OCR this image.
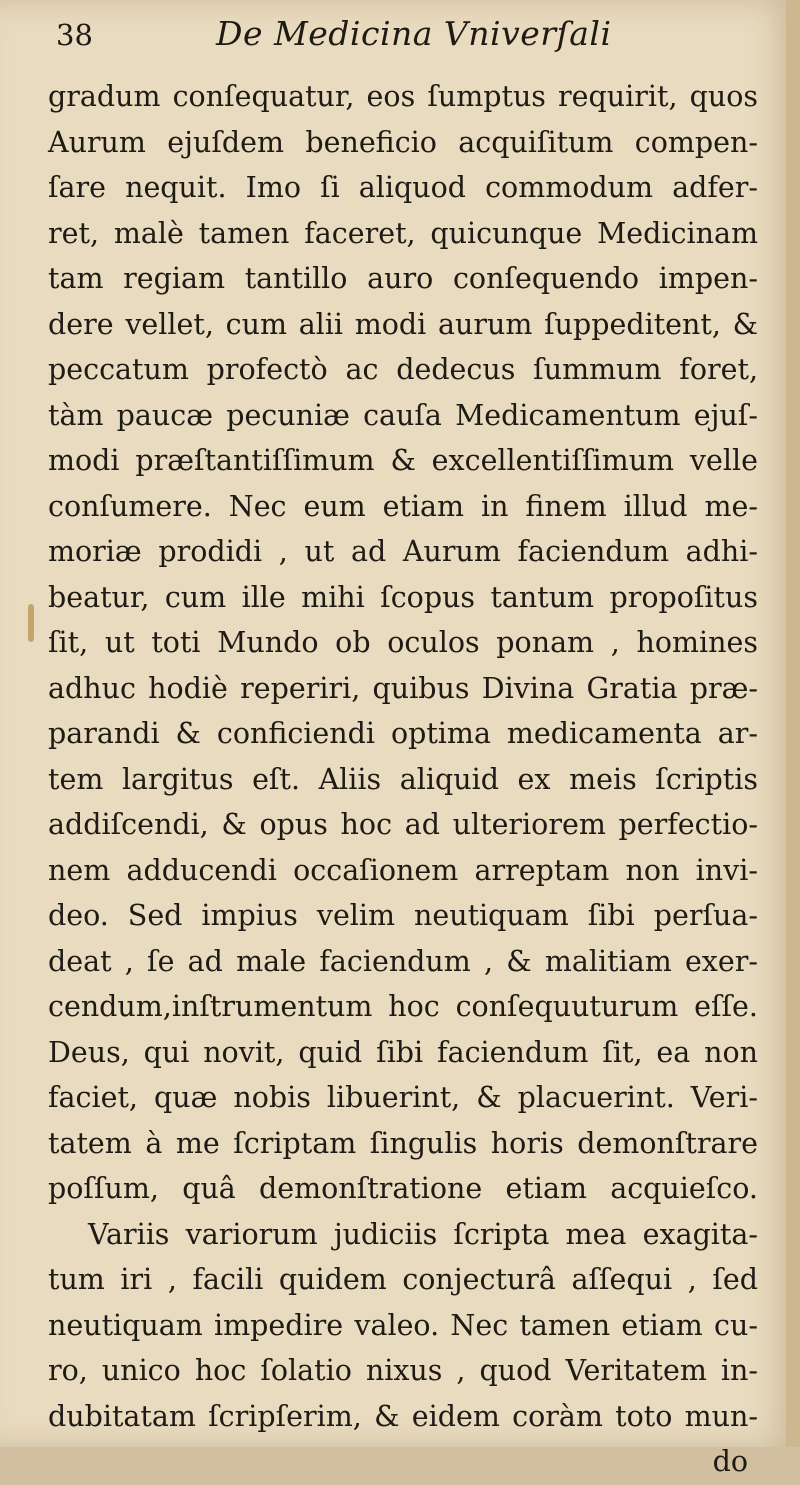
38	De Medicina Vniverſali
gradum conſequatur, eos ſumptus requirit, quos
Aurum ejuſdem beneficio acquiſitum compen-
ſare nequit. Imo ſi aliquod commodum adfer-
ret, malè tamen faceret, quicunque Medicinam
tam regiam tantillo auro conſequendo impen-
dere vellet, cum alii modi aurum ſuppeditent, &
peccatum profectò ac dedecus ſummum foret,
tàm paucæ pecuniæ cauſa Medicamentum ejuſ-
modi præſtantiſſimum & excellentiſſimum velle
conſumere. Nec eum etiam in finem illud me-
moriæ prodidi , ut ad Aurum faciendum adhi-
beatur, cum ille mihi ſcopus tantum propoſitus
ſit, ut toti Mundo ob oculos ponam , homines
adhuc hodiè reperiri, quibus Divina Gratia præ-
parandi & conficiendi optima medicamenta ar-
tem largitus eſt. Aliis aliquid ex meis ſcriptis
addiſcendi, & opus hoc ad ulteriorem perfectio-
nem adducendi occaſionem arreptam non invi-
deo. Sed impius velim neutiquam ſibi perſua-
deat , ſe ad male faciendum , & malitiam exer-
cendum,inſtrumentum hoc conſequuturum eſſe.
Deus, qui novit, quid ſibi faciendum ſit, ea non
faciet, quæ nobis libuerint, & placuerint. Veri-
tatem à me ſcriptam ſingulis horis demonſtrare
poſſum, quâ demonſtratione etiam acquieſco.
Variis variorum judiciis ſcripta mea exagita-
tum iri , facili quidem conjecturâ aſſequi , ſed
neutiquam impedire valeo. Nec tamen etiam cu-
ro, unico hoc ſolatio nixus , quod Veritatem in-
dubitatam ſcripſerim, & eidem coràm toto mun-
do
